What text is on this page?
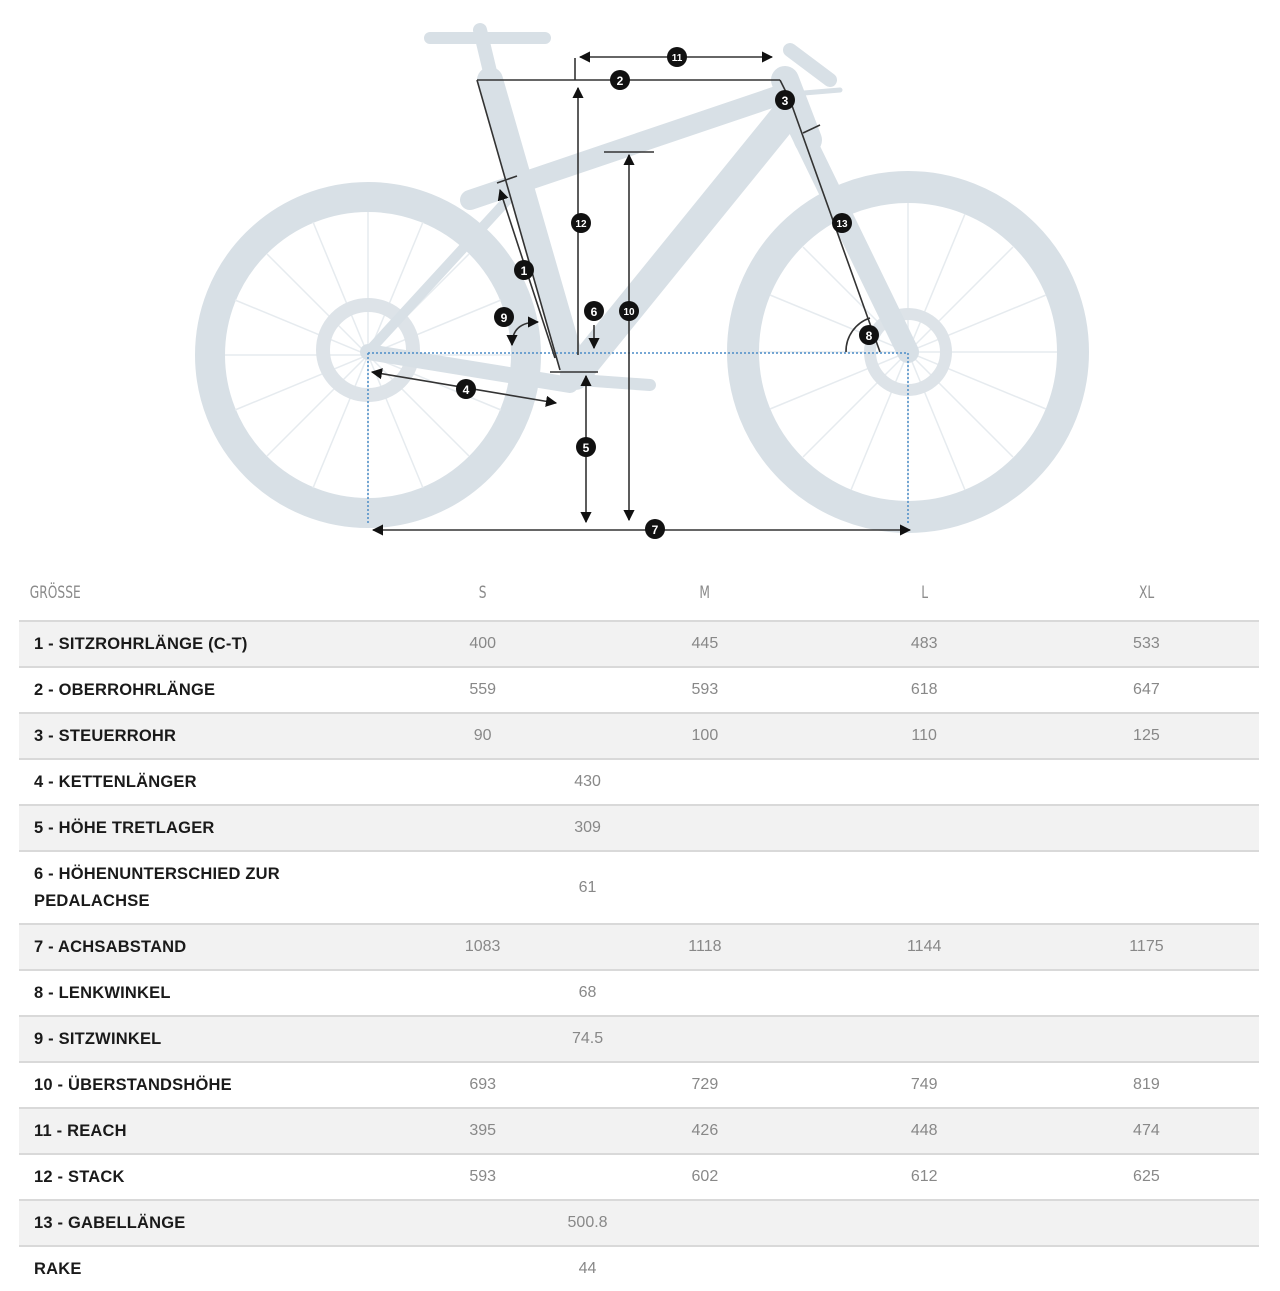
1
2
3
4
5
6
7
8
9	10
11
12	13
GRÖSSE	S	M	L	XL
1 - SITZROHRLÄNGE (C-T)	400	445	483	533
2 - OBERROHRLÄNGE	559	593	618	647
3 - STEUERROHR	90	100	110	125
4 - KETTENLÄNGER	430			
5 - HÖHE TRETLAGER	309			
6 - HÖHENUNTERSCHIED ZUR PEDALACHSE	61			
7 - ACHSABSTAND	1083	1118	1144	1175
8 - LENKWINKEL	68			
9 - SITZWINKEL	74.5			
10 - ÜBERSTANDSHÖHE	693	729	749	819
11 - REACH	395	426	448	474
12 - STACK	593	602	612	625
13 - GABELLÄNGE	500.8			
RAKE	44			
